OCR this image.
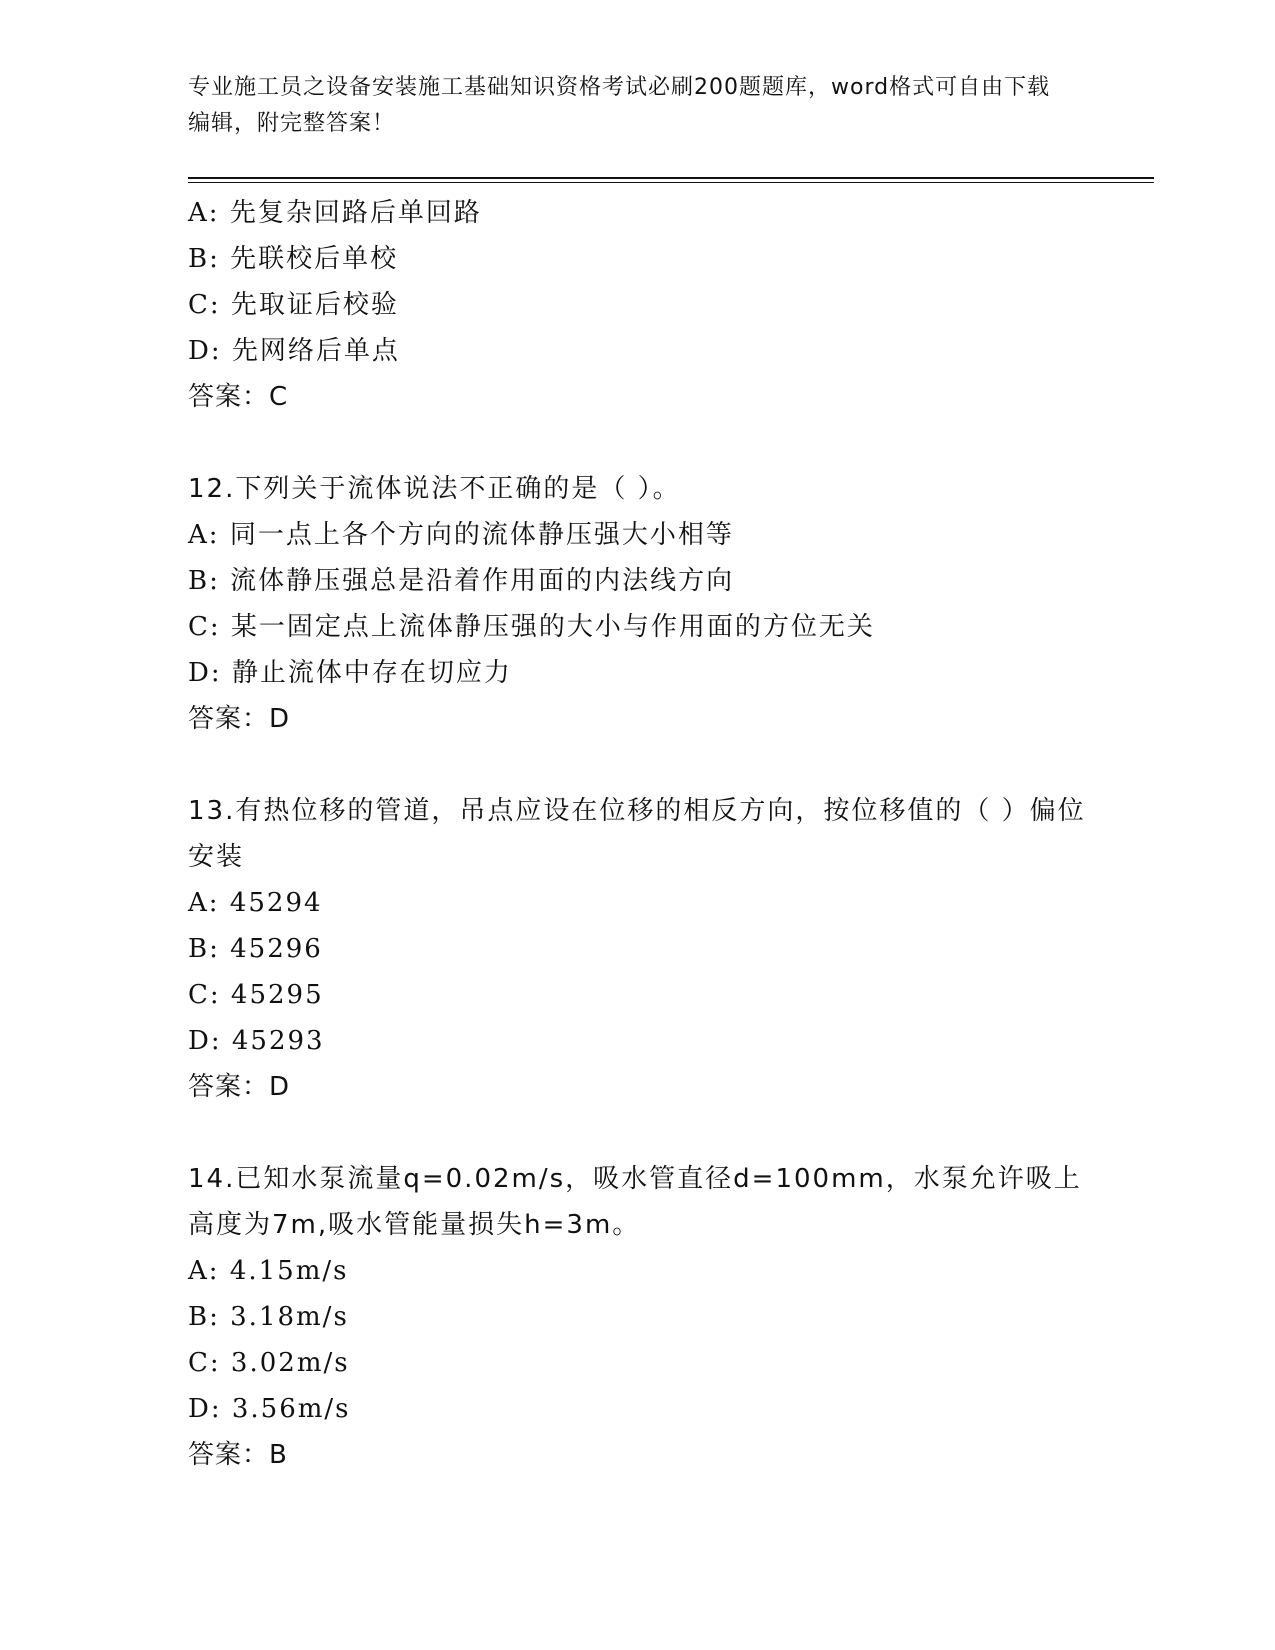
专业施工员之设备安装施工基础知识资格考试必刷200题题库，word格式可自由下载编辑，附完整答案！
A: 先复杂回路后单回路
B: 先联校后单校
C: 先取证后校验
D: 先网络后单点
答案：C
12.下列关于流体说法不正确的是（ ）。
A: 同一点上各个方向的流体静压强大小相等
B: 流体静压强总是沿着作用面的内法线方向
C: 某一固定点上流体静压强的大小与作用面的方位无关
D: 静止流体中存在切应力
答案：D
13.有热位移的管道，吊点应设在位移的相反方向，按位移值的（ ）偏位安装
A: 45294
B: 45296
C: 45295
D: 45293
答案：D
14.已知水泵流量q=0.02m/s，吸水管直径d=100mm，水泵允许吸上高度为7m,吸水管能量损失h=3m。
A: 4.15m/s
B: 3.18m/s
C: 3.02m/s
D: 3.56m/s
答案：B
